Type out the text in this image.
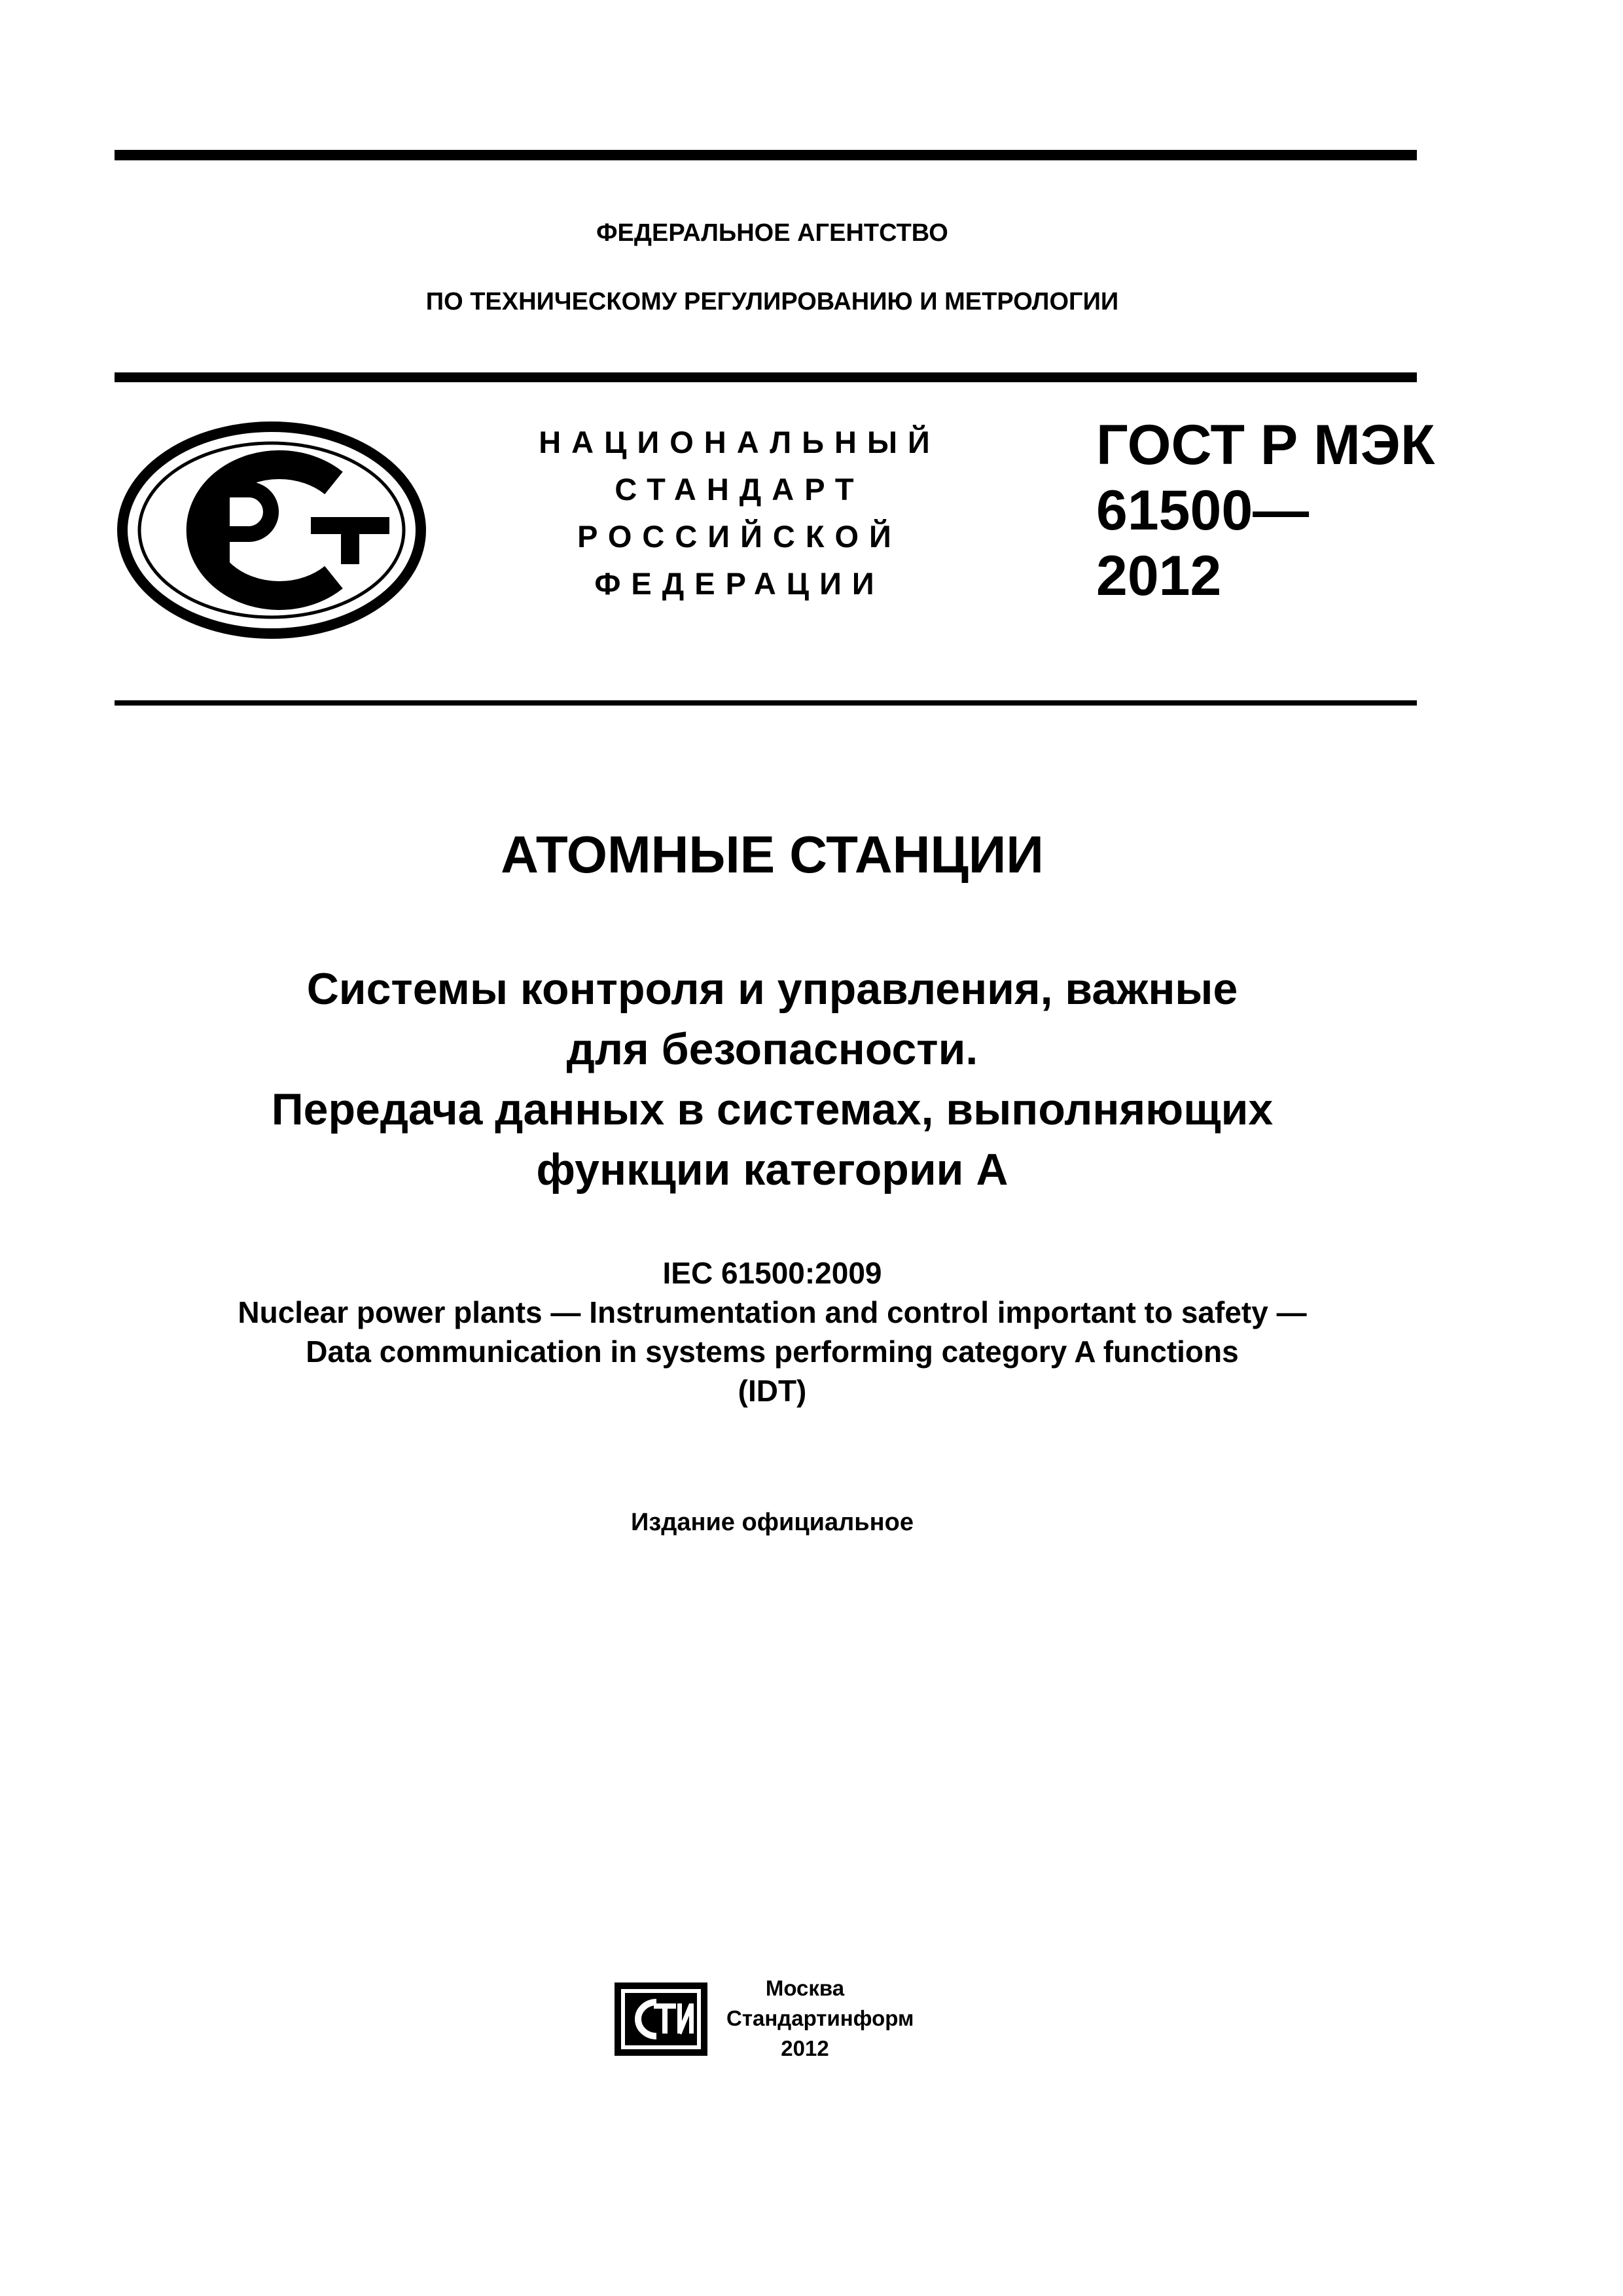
ФЕДЕРАЛЬНОЕ АГЕНТСТВО
ПО ТЕХНИЧЕСКОМУ РЕГУЛИРОВАНИЮ И МЕТРОЛОГИИ
НАЦИОНАЛЬНЫЙ
СТАНДАРТ
РОССИЙСКОЙ
ФЕДЕРАЦИИ
ГОСТ Р МЭК
61500—
2012
АТОМНЫЕ СТАНЦИИ
Системы контроля и управления, важные
для безопасности.
Передача данных в системах, выполняющих
функции категории А
IEC 61500:2009
Nuclear power plants — Instrumentation and control important to safety —
Data communication in systems performing category A functions
(IDT)
Издание официальное
Москва
Стандартинформ
2012
